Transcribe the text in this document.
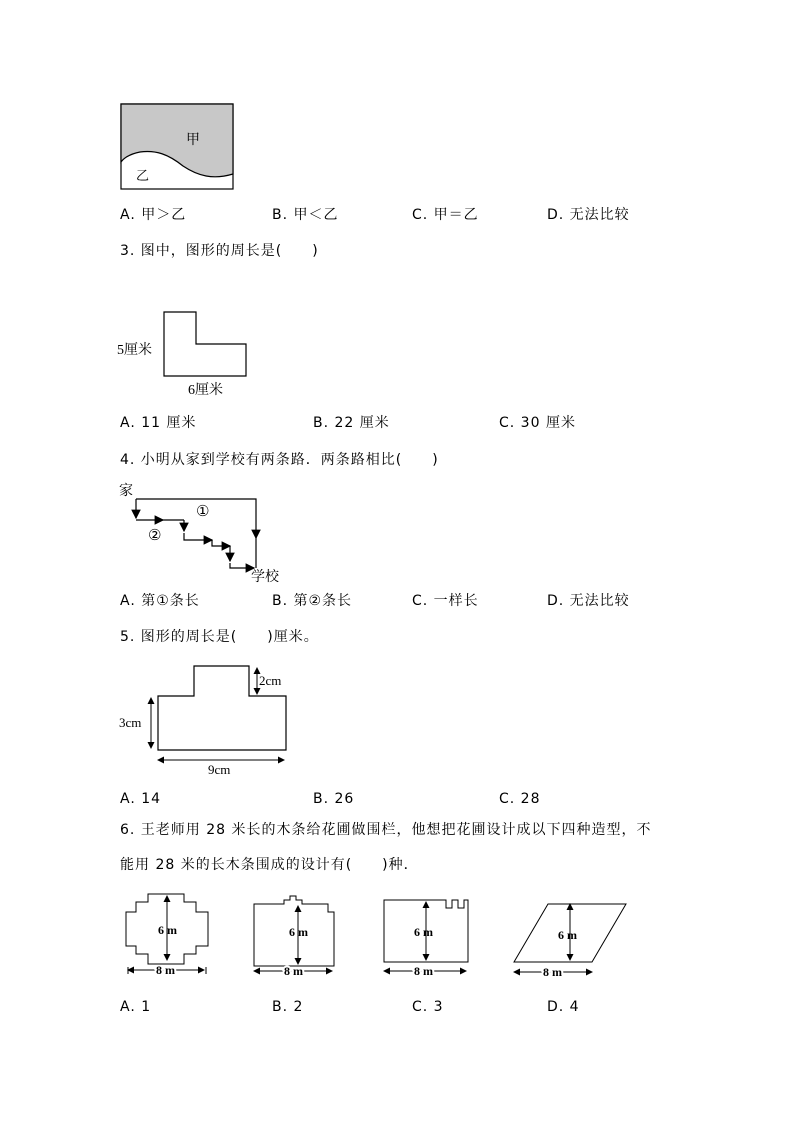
甲
乙
A. 甲＞乙	B. 甲＜乙	C. 甲＝乙	D. 无法比较
3. 图中，图形的周长是(　　)
5厘米
6厘米
A. 11 厘米	B. 22 厘米	C. 30 厘米
4. 小明从家到学校有两条路．两条路相比(　　)
家
①
②
学校
A. 第①条长	B. 第②条长	C. 一样长	D. 无法比较
5. 图形的周长是(　　)厘米。
2cm
3cm
9cm
A. 14	B. 26	C. 28
6. 王老师用 28 米长的木条给花圃做围栏，他想把花圃设计成以下四种造型，不
能用 28 米的长木条围成的设计有(　　)种．
6 m
8 m
6 m
8 m
6 m
8 m
6 m
8 m
A. 1	B. 2	C. 3	D. 4
